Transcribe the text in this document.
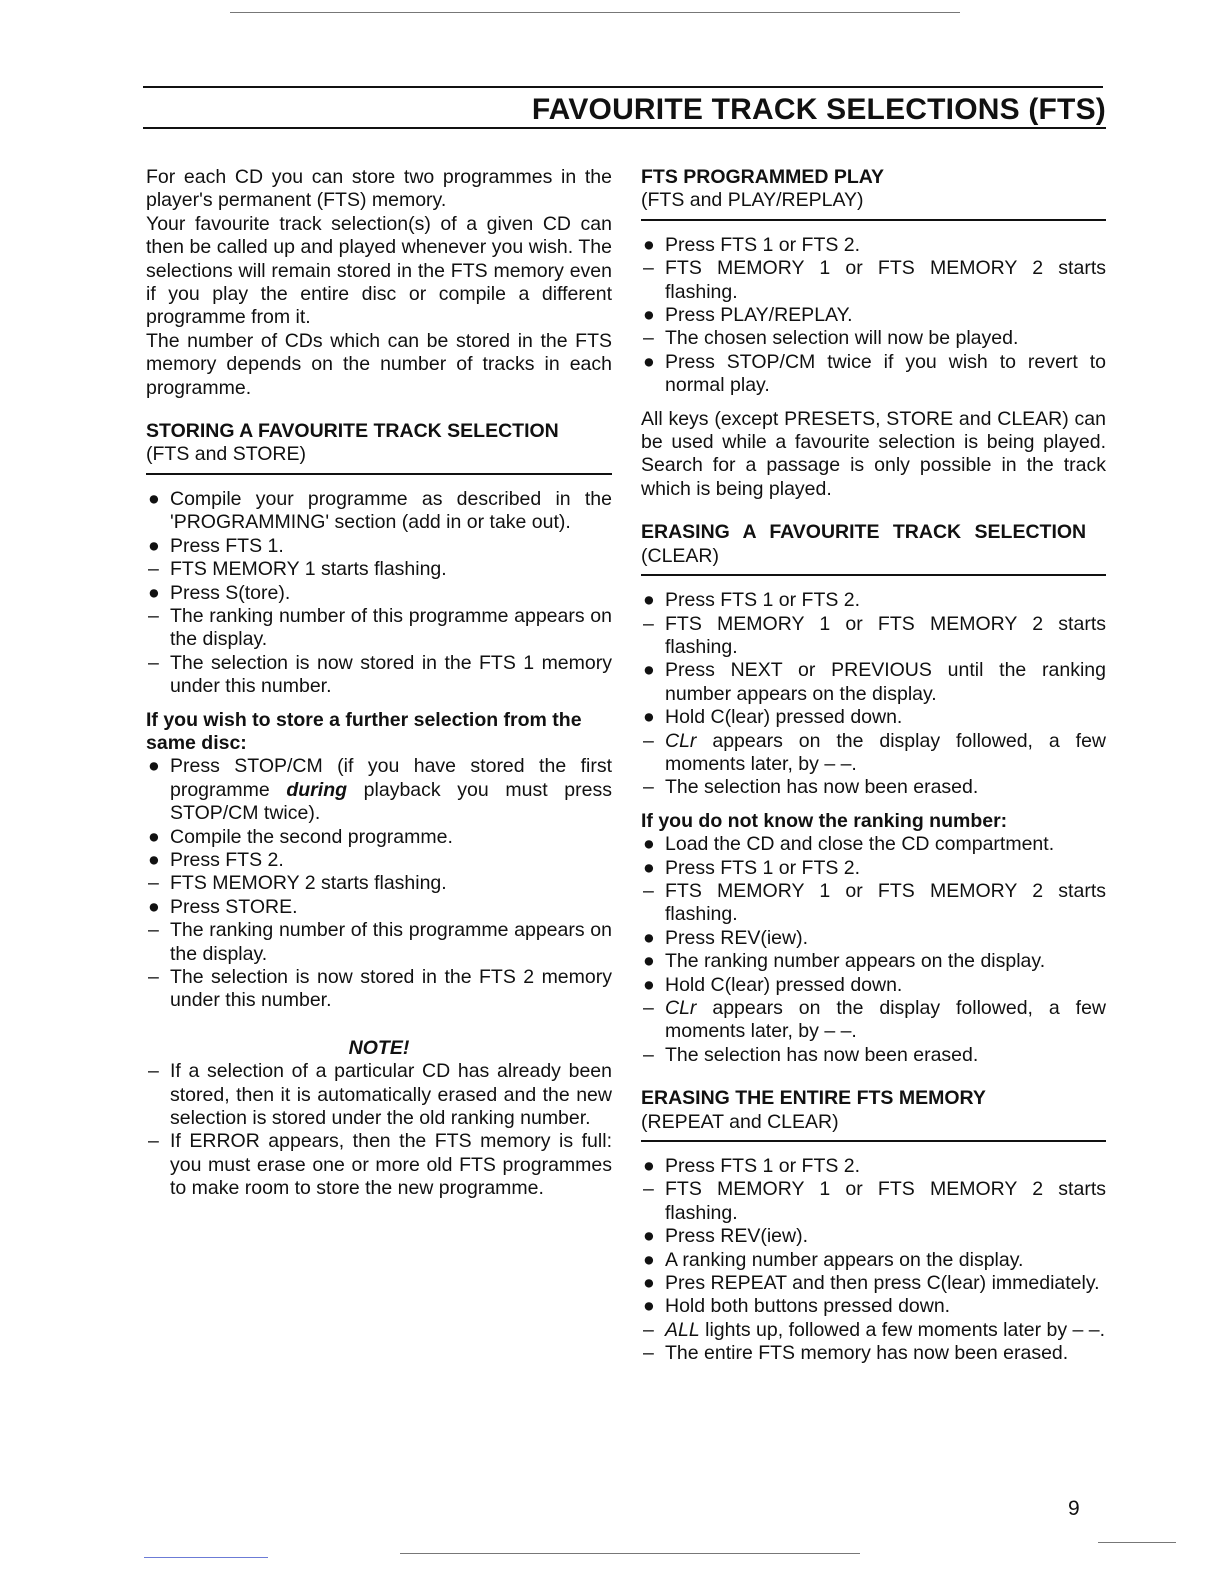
FAVOURITE TRACK SELECTIONS (FTS)

For each CD you can store two programmes in the player's permanent (FTS) memory.

Your favourite track selection(s) of a given CD can then be called up and played whenever you wish. The selections will remain stored in the FTS memory even if you play the entire disc or compile a different programme from it.

The number of CDs which can be stored in the FTS memory depends on the number of tracks in each programme.

STORING A FAVOURITE TRACK SELECTION

(FTS and STORE)

● Compile your programme as described in the 'PROGRAMMING' section (add in or take out).
● Press FTS 1.
– FTS MEMORY 1 starts flashing.
● Press S(tore).
– The ranking number of this programme appears on the display.
– The selection is now stored in the FTS 1 memory under this number.

If you wish to store a further selection from the same disc:

● Press STOP/CM (if you have stored the first programme during playback you must press STOP/CM twice).
● Compile the second programme.
● Press FTS 2.
– FTS MEMORY 2 starts flashing.
● Press STORE.
– The ranking number of this programme appears on the display.
– The selection is now stored in the FTS 2 memory under this number.

NOTE!

– If a selection of a particular CD has already been stored, then it is automatically erased and the new selection is stored under the old ranking number.
– If ERROR appears, then the FTS memory is full: you must erase one or more old FTS programmes to make room to store the new programme.

FTS PROGRAMMED PLAY

(FTS and PLAY/REPLAY)

● Press FTS 1 or FTS 2.
– FTS MEMORY 1 or FTS MEMORY 2 starts flashing.
● Press PLAY/REPLAY.
– The chosen selection will now be played.
● Press STOP/CM twice if you wish to revert to normal play.

All keys (except PRESETS, STORE and CLEAR) can be used while a favourite selection is being played. Search for a passage is only possible in the track which is being played.

ERASING A FAVOURITE TRACK SELECTION

(CLEAR)

● Press FTS 1 or FTS 2.
– FTS MEMORY 1 or FTS MEMORY 2 starts flashing.
● Press NEXT or PREVIOUS until the ranking number appears on the display.
● Hold C(lear) pressed down.
– CLr appears on the display followed, a few moments later, by – –.
– The selection has now been erased.

If you do not know the ranking number:

● Load the CD and close the CD compartment.
● Press FTS 1 or FTS 2.
– FTS MEMORY 1 or FTS MEMORY 2 starts flashing.
● Press REV(iew).
● The ranking number appears on the display.
● Hold C(lear) pressed down.
– CLr appears on the display followed, a few moments later, by – –.
– The selection has now been erased.

ERASING THE ENTIRE FTS MEMORY

(REPEAT and CLEAR)

● Press FTS 1 or FTS 2.
– FTS MEMORY 1 or FTS MEMORY 2 starts flashing.
● Press REV(iew).
● A ranking number appears on the display.
● Pres REPEAT and then press C(lear) immediately.
● Hold both buttons pressed down.
– ALL lights up, followed a few moments later by – –.
– The entire FTS memory has now been erased.
9
